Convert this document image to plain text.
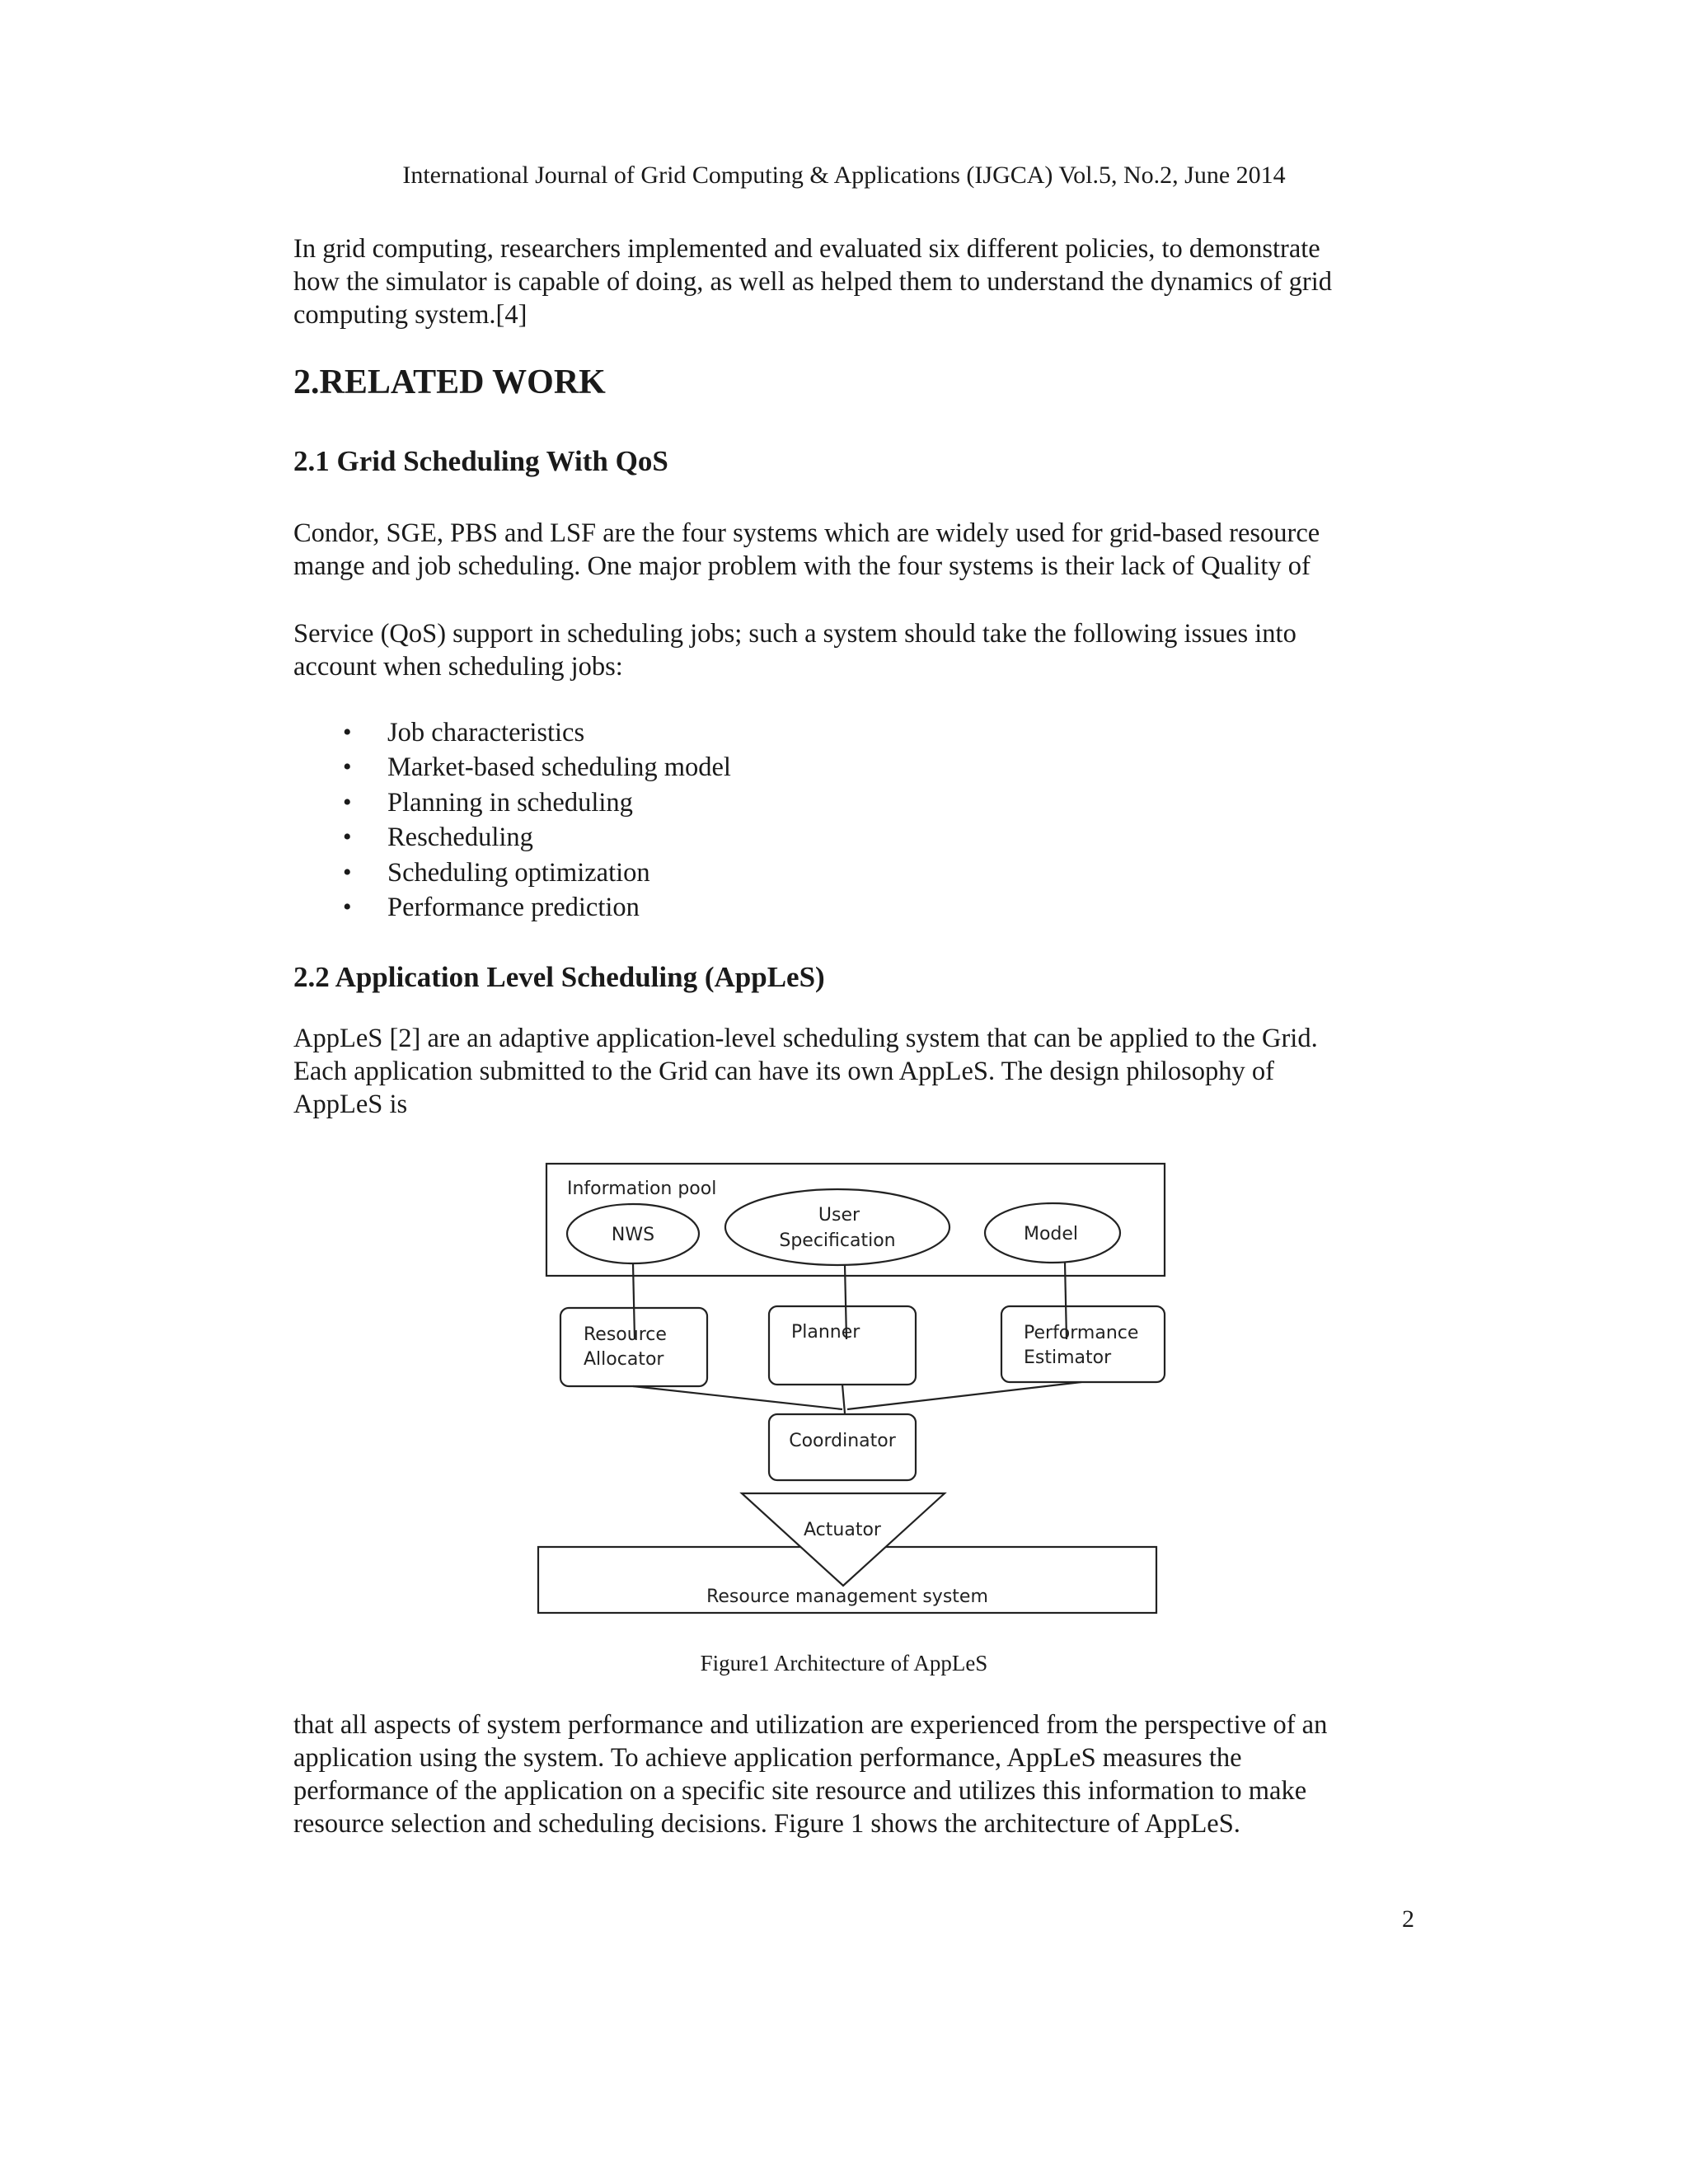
International Journal of Grid Computing & Applications (IJGCA) Vol.5, No.2, June 2014
In grid computing, researchers implemented and evaluated six different policies, to demonstrate
how the simulator is capable of doing, as well as helped them to understand the dynamics of grid
computing system.[4]
2.RELATED WORK
2.1 Grid Scheduling With QoS
Condor, SGE, PBS and LSF are the four systems which are widely used for grid-based resource
mange and job scheduling. One major problem with the four systems is their lack of Quality of
Service (QoS) support in scheduling jobs; such a system should take the following issues into
account when scheduling jobs:
• Job characteristics
• Market-based scheduling model
• Planning in scheduling
• Rescheduling
• Scheduling optimization
• Performance prediction
2.2 Application Level Scheduling (AppLeS)
AppLeS [2] are an adaptive application-level scheduling system that can be applied to the Grid.
Each application submitted to the Grid can have its own AppLeS. The design philosophy of
AppLeS is
Information pool
NWS
User
Specification	Model
Resource
Allocator
Planner	Performance
Estimator
Coordinator
Actuator
Resource management system
Figure1 Architecture of AppLeS
that all aspects of system performance and utilization are experienced from the perspective of an
application using the system. To achieve application performance, AppLeS measures the
performance of the application on a specific site resource and utilizes this information to make
resource selection and scheduling decisions. Figure 1 shows the architecture of AppLeS.
2
